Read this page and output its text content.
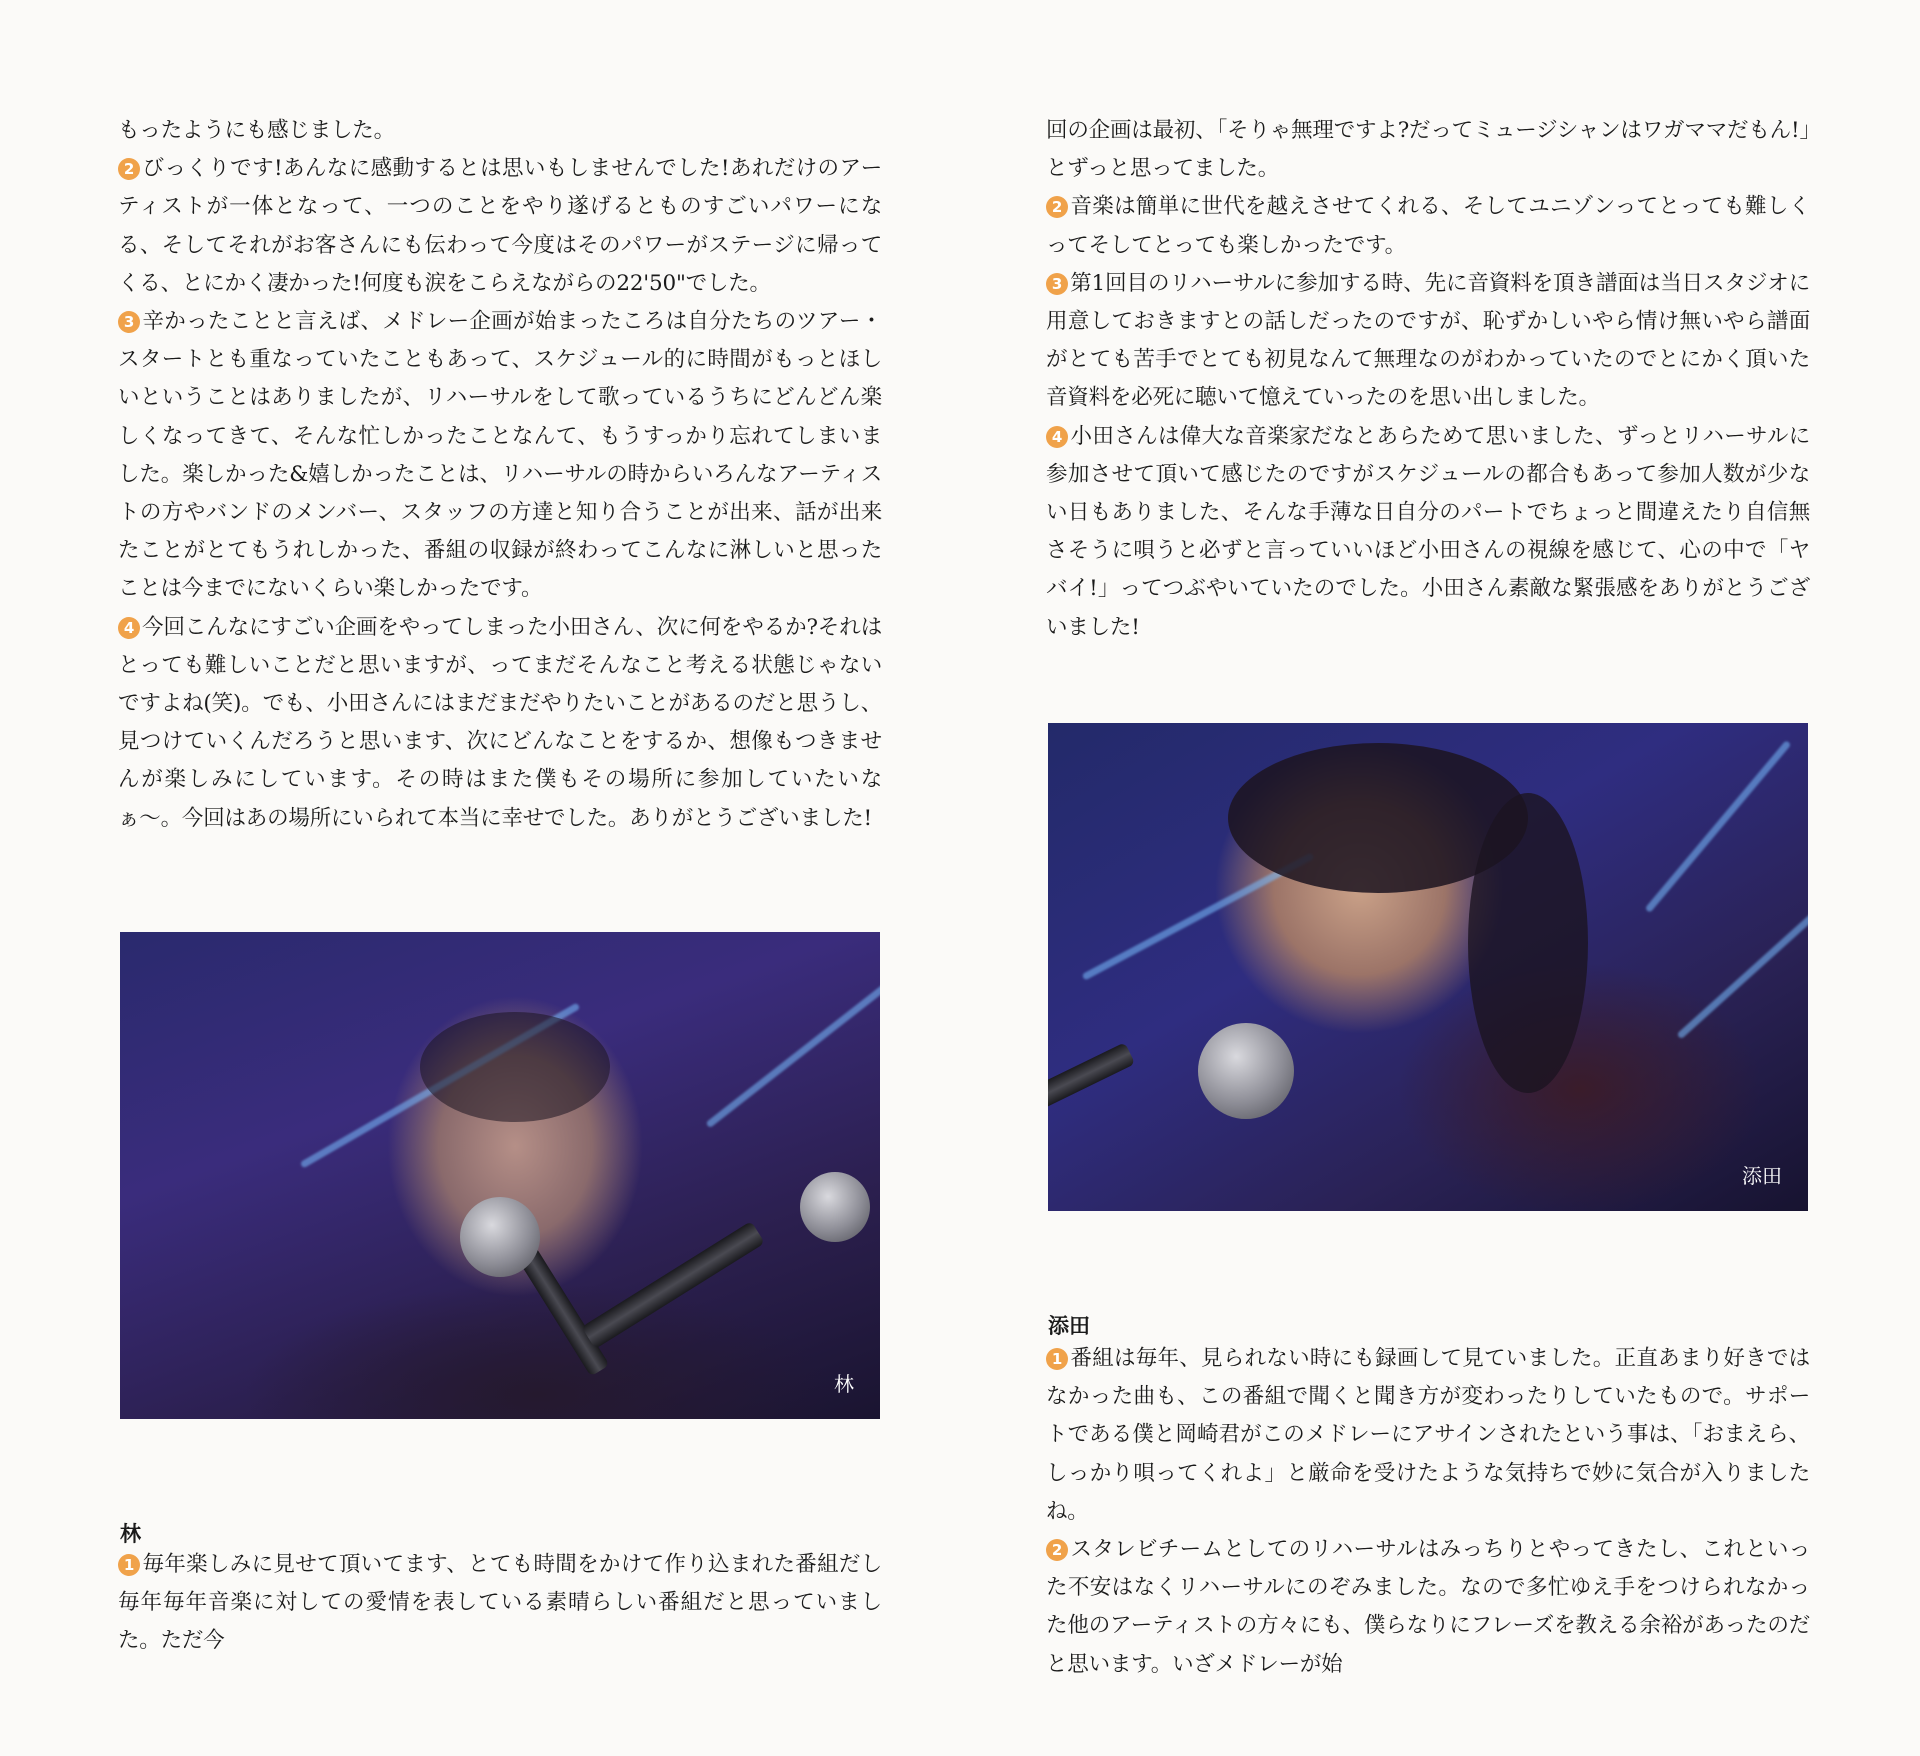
もったようにも感じました。

2 びっくりです!あんなに感動するとは思いもしませんでした!あれだけのアーティストが一体となって、一つのことをやり遂げるとものすごいパワーになる、そしてそれがお客さんにも伝わって今度はそのパワーがステージに帰ってくる、とにかく凄かった!何度も涙をこらえながらの22'50"でした。

3 辛かったことと言えば、メドレー企画が始まったころは自分たちのツアー・スタートとも重なっていたこともあって、スケジュール的に時間がもっとほしいということはありましたが、リハーサルをして歌っているうちにどんどん楽しくなってきて、そんな忙しかったことなんて、もうすっかり忘れてしまいました。楽しかった&嬉しかったことは、リハーサルの時からいろんなアーティストの方やバンドのメンバー、スタッフの方達と知り合うことが出来、話が出来たことがとてもうれしかった、番組の収録が終わってこんなに淋しいと思ったことは今までにないくらい楽しかったです。

4 今回こんなにすごい企画をやってしまった小田さん、次に何をやるか?それはとっても難しいことだと思いますが、ってまだそんなこと考える状態じゃないですよね(笑)。でも、小田さんにはまだまだやりたいことがあるのだと思うし、見つけていくんだろうと思います、次にどんなことをするか、想像もつきませんが楽しみにしています。その時はまた僕もその場所に参加していたいなぁ〜。今回はあの場所にいられて本当に幸せでした。ありがとうございました!

林
林

1 毎年楽しみに見せて頂いてます、とても時間をかけて作り込まれた番組だし毎年毎年音楽に対しての愛情を表している素晴らしい番組だと思っていました。ただ今

回の企画は最初、「そりゃ無理ですよ?だってミュージシャンはワガママだもん!」とずっと思ってました。

2 音楽は簡単に世代を越えさせてくれる、そしてユニゾンってとっても難しくってそしてとっても楽しかったです。

3 第1回目のリハーサルに参加する時、先に音資料を頂き譜面は当日スタジオに用意しておきますとの話しだったのですが、恥ずかしいやら情け無いやら譜面がとても苦手でとても初見なんて無理なのがわかっていたのでとにかく頂いた音資料を必死に聴いて憶えていったのを思い出しました。

4 小田さんは偉大な音楽家だなとあらためて思いました、ずっとリハーサルに参加させて頂いて感じたのですがスケジュールの都合もあって参加人数が少ない日もありました、そんな手薄な日自分のパートでちょっと間違えたり自信無さそうに唄うと必ずと言っていいほど小田さんの視線を感じて、心の中で「ヤバイ!」ってつぶやいていたのでした。小田さん素敵な緊張感をありがとうございました!

添田
添田

1 番組は毎年、見られない時にも録画して見ていました。正直あまり好きではなかった曲も、この番組で聞くと聞き方が変わったりしていたもので。サポートである僕と岡崎君がこのメドレーにアサインされたという事は、「おまえら、しっかり唄ってくれよ」と厳命を受けたような気持ちで妙に気合が入りましたね。

2 スタレビチームとしてのリハーサルはみっちりとやってきたし、これといった不安はなくリハーサルにのぞみました。なので多忙ゆえ手をつけられなかった他のアーティストの方々にも、僕らなりにフレーズを教える余裕があったのだと思います。いざメドレーが始
